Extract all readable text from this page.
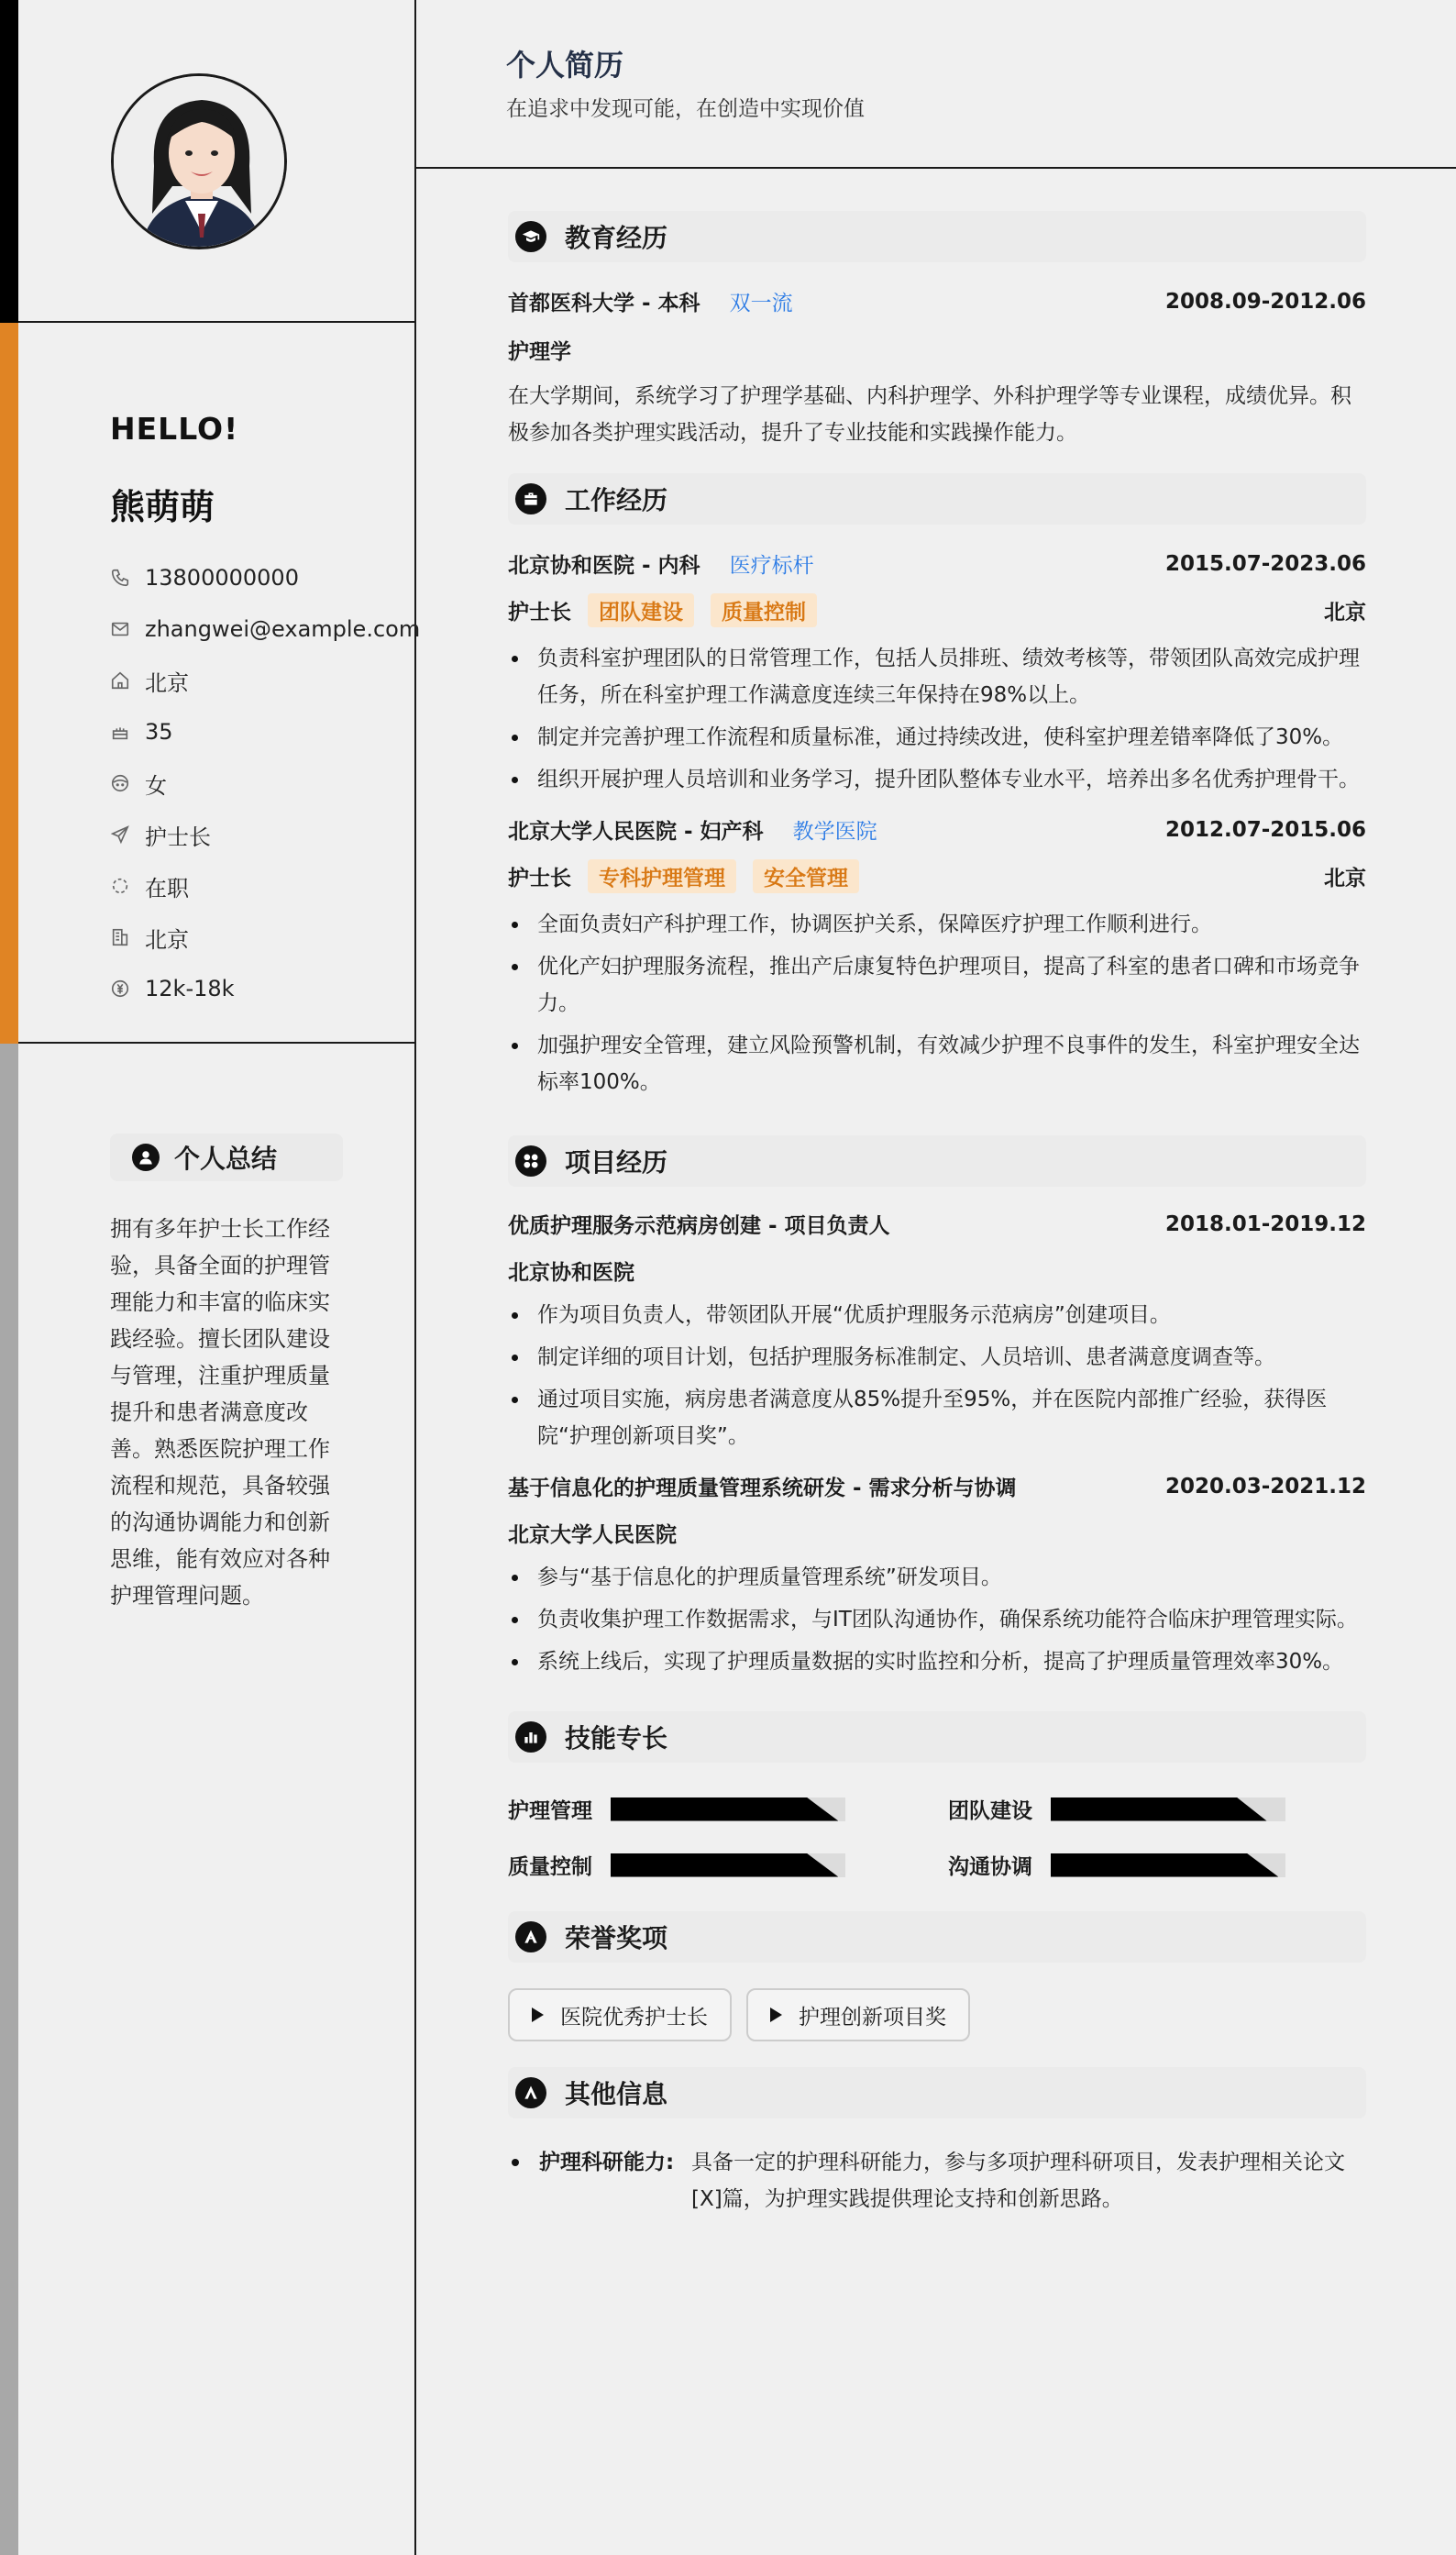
HELLO!
熊萌萌
13800000000
zhangwei@example.com
北京
35
女
护士长
在职
北京
12k-18k
个人总结
拥有多年护士长工作经验，具备全面的护理管理能力和丰富的临床实践经验。擅长团队建设与管理，注重护理质量提升和患者满意度改善。熟悉医院护理工作流程和规范，具备较强的沟通协调能力和创新思维，能有效应对各种护理管理问题。
个人简历
在追求中发现可能，在创造中实现价值
教育经历
首都医科大学 - 本科 双一流	2008.09-2012.06
护理学

在大学期间，系统学习了护理学基础、内科护理学、外科护理学等专业课程，成绩优异。积极参加各类护理实践活动，提升了专业技能和实践操作能力。

工作经历
北京协和医院 - 内科 医疗标杆	2015.07-2023.06
护士长	团队建设	质量控制	北京
负责科室护理团队的日常管理工作，包括人员排班、绩效考核等，带领团队高效完成护理任务，所在科室护理工作满意度连续三年保持在98%以上。
制定并完善护理工作流程和质量标准，通过持续改进，使科室护理差错率降低了30%。
组织开展护理人员培训和业务学习，提升团队整体专业水平，培养出多名优秀护理骨干。
北京大学人民医院 - 妇产科 教学医院	2012.07-2015.06
护士长	专科护理管理	安全管理	北京
全面负责妇产科护理工作，协调医护关系，保障医疗护理工作顺利进行。
优化产妇护理服务流程，推出产后康复特色护理项目，提高了科室的患者口碑和市场竞争力。
加强护理安全管理，建立风险预警机制，有效减少护理不良事件的发生，科室护理安全达标率100%。
项目经历
优质护理服务示范病房创建 - 项目负责人	2018.01-2019.12
北京协和医院
作为项目负责人，带领团队开展“优质护理服务示范病房”创建项目。
制定详细的项目计划，包括护理服务标准制定、人员培训、患者满意度调查等。
通过项目实施，病房患者满意度从85%提升至95%，并在医院内部推广经验，获得医院“护理创新项目奖”。
基于信息化的护理质量管理系统研发 - 需求分析与协调	2020.03-2021.12
北京大学人民医院
参与“基于信息化的护理质量管理系统”研发项目。
负责收集护理工作数据需求，与IT团队沟通协作，确保系统功能符合临床护理管理实际。
系统上线后，实现了护理质量数据的实时监控和分析，提高了护理质量管理效率30%。
技能专长
护理管理	团队建设
质量控制	沟通协调
荣誉奖项
医院优秀护士长	护理创新项目奖
其他信息
护理科研能力: 具备一定的护理科研能力，参与多项护理科研项目，发表护理相关论文[X]篇，为护理实践提供理论支持和创新思路。
